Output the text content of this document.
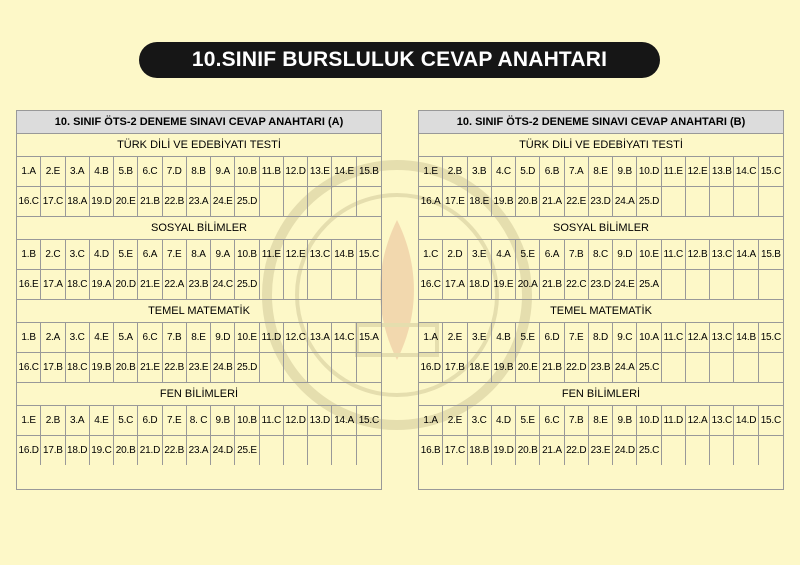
10.SINIF BURSLULUK CEVAP ANAHTARI
10. SINIF ÖTS-2 DENEME SINAVI CEVAP ANAHTARI (A)
TÜRK DİLİ VE EDEBİYATI TESTİ
1.A 2.E 3.A 4.B 5.B 6.C 7.D 8.B 9.A 10.B 11.B 12.D 13.E 14.E 15.B
16.C 17.C 18.A 19.D 20.E 21.B 22.B 23.A 24.E 25.D
SOSYAL BİLİMLER
1.B 2.C 3.C 4.D 5.E 6.A 7.E 8.A 9.A 10.B 11.E 12.E 13.C 14.B 15.C
16.E 17.A 18.C 19.A 20.D 21.E 22.A 23.B 24.C 25.D
TEMEL MATEMATİK
1.B 2.A 3.C 4.E 5.A 6.C 7.B 8.E 9.D 10.E 11.D 12.C 13.A 14.C 15.A
16.C 17.B 18.C 19.B 20.B 21.E 22.B 23.E 24.B 25.D
FEN BİLİMLERİ
1.E 2.B 3.A 4.E 5.C 6.D 7.E 8. C 9.B 10.B 11.C 12.D 13.D 14.A 15.C
16.D 17.B 18.D 19.C 20.B 21.D 22.B 23.A 24.D 25.E
10. SINIF ÖTS-2 DENEME SINAVI CEVAP ANAHTARI (B)
TÜRK DİLİ VE EDEBİYATI TESTİ
1.E 2.B 3.B 4.C 5.D 6.B 7.A 8.E 9.B 10.D 11.E 12.E 13.B 14.C 15.C
16.A 17.E 18.E 19.B 20.B 21.A 22.E 23.D 24.A 25.D
SOSYAL BİLİMLER
1.C 2.D 3.E 4.A 5.E 6.A 7.B 8.C 9.D 10.E 11.C 12.B 13.C 14.A 15.B
16.C 17.A 18.D 19.E 20.A 21.B 22.C 23.D 24.E 25.A
TEMEL MATEMATİK
1.A 2.E 3.E 4.B 5.E 6.D 7.E 8.D 9.C 10.A 11.C 12.A 13.C 14.B 15.C
16.D 17.B 18.E 19.B 20.E 21.B 22.D 23.B 24.A 25.C
FEN BİLİMLERİ
1.A 2.E 3.C 4.D 5.E 6.C 7.B 8.E 9.B 10.D 11.D 12.A 13.C 14.D 15.C
16.B 17.C 18.B 19.D 20.B 21.A 22.D 23.E 24.D 25.C
